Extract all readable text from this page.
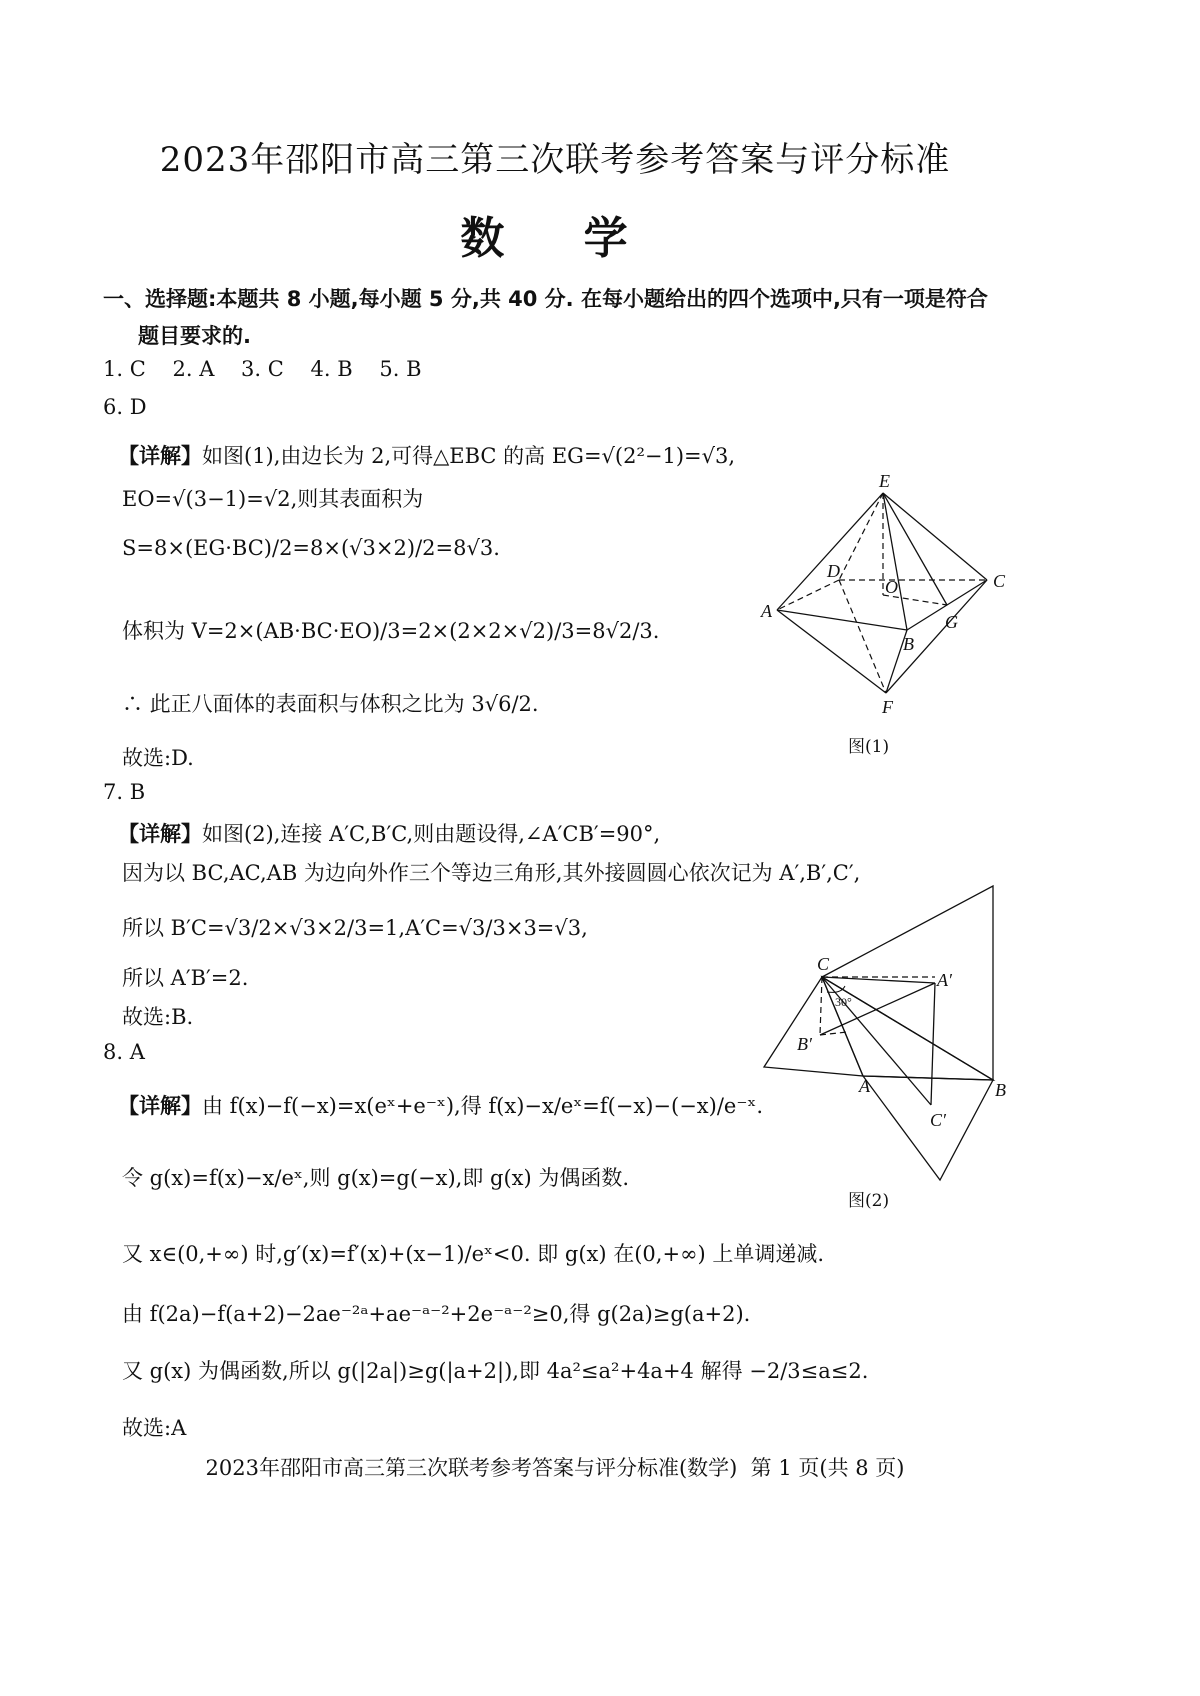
2023年邵阳市高三第三次联考参考答案与评分标准
数 学
一、选择题:本题共 8 小题,每小题 5 分,共 40 分. 在每小题给出的四个选项中,只有一项是符合
题目要求的.
1. C    2. A    3. C    4. B    5. B
6. D
【详解】如图(1),由边长为 2,可得△EBC 的高 EG=√(2²−1)=√3,
EO=√(3−1)=√2,则其表面积为
S=8×(EG·BC)/2=8×(√3×2)/2=8√3.
体积为 V=2×(AB·BC·EO)/3=2×(2×2×√2)/3=8√2/3.
∴ 此正八面体的表面积与体积之比为 3√6/2.
故选:D.
E
D
O	C
A
B
G
F
图(1)
7. B
【详解】如图(2),连接 A′C,B′C,则由题设得,∠A′CB′=90°,
因为以 BC,AC,AB 为边向外作三个等边三角形,其外接圆圆心依次记为 A′,B′,C′,
所以 B′C=√3/2×√3×2/3=1,A′C=√3/3×3=√3,
所以 A′B′=2.
故选:B.
C
A′
B′
A	B
C′
30°
图(2)
8. A
【详解】由 f(x)−f(−x)=x(eˣ+e⁻ˣ),得 f(x)−x/eˣ=f(−x)−(−x)/e⁻ˣ.
令 g(x)=f(x)−x/eˣ,则 g(x)=g(−x),即 g(x) 为偶函数.
又 x∈(0,+∞) 时,g′(x)=f′(x)+(x−1)/eˣ<0. 即 g(x) 在(0,+∞) 上单调递减.
由 f(2a)−f(a+2)−2ae⁻²ᵃ+ae⁻ᵃ⁻²+2e⁻ᵃ⁻²≥0,得 g(2a)≥g(a+2).
又 g(x) 为偶函数,所以 g(|2a|)≥g(|a+2|),即 4a²≤a²+4a+4 解得 −2/3≤a≤2.
故选:A
2023年邵阳市高三第三次联考参考答案与评分标准(数学)  第 1 页(共 8 页)
